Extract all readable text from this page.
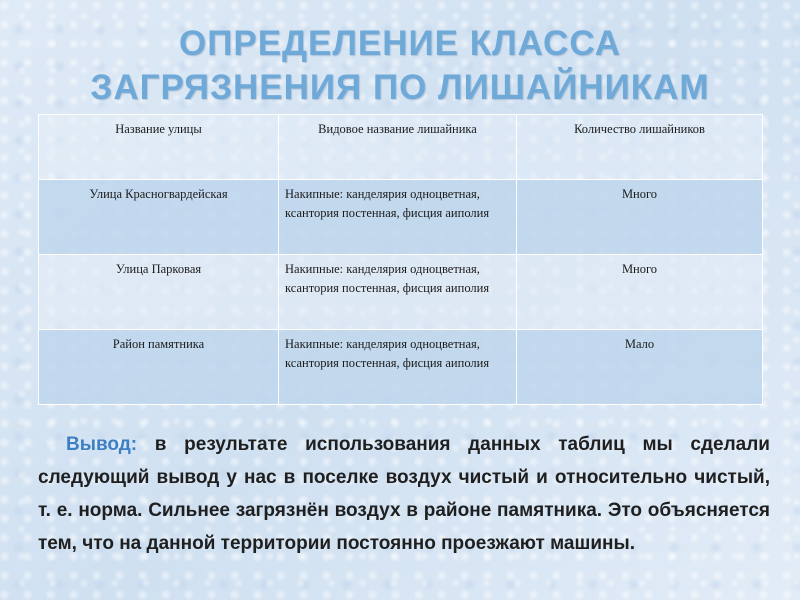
ОПРЕДЕЛЕНИЕ КЛАССА
ЗАГРЯЗНЕНИЯ ПО ЛИШАЙНИКАМ
Название улицы	Видовое название лишайника	Количество лишайников
Улица Красногвардейская	Накипные: канделярия одноцветная, ксантория постенная, фисция аиполия	Много
Улица Парковая	Накипные: канделярия одноцветная, ксантория постенная, фисция аиполия	Много
Район памятника	Накипные: канделярия одноцветная, ксантория постенная, фисция аиполия	Мало

Вывод: в результате использования данных таблиц мы сделали следующий вывод у нас в поселке воздух чистый и относительно чистый, т. е. норма. Сильнее загрязнён воздух в районе памятника. Это объясняется тем, что на данной территории постоянно проезжают машины.
